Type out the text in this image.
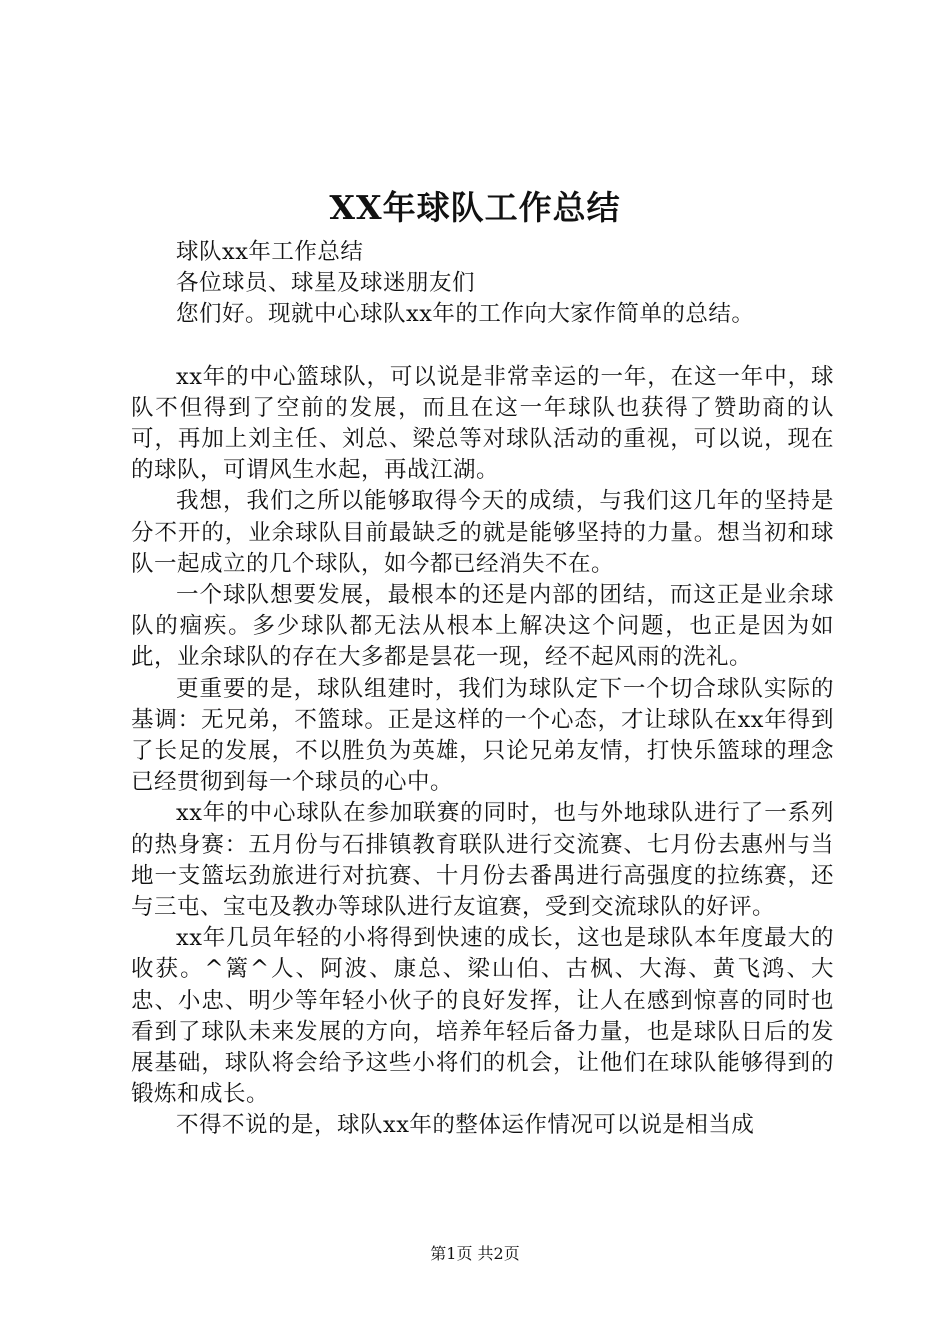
XX年球队工作总结

球队xx年工作总结

各位球员、球星及球迷朋友们

您们好。现就中心球队xx年的工作向大家作简单的总结。

xx年的中心篮球队，可以说是非常幸运的一年，在这一年中，球队不但得到了空前的发展，而且在这一年球队也获得了赞助商的认可，再加上刘主任、刘总、梁总等对球队活动的重视，可以说，现在的球队，可谓风生水起，再战江湖。

我想，我们之所以能够取得今天的成绩，与我们这几年的坚持是分不开的，业余球队目前最缺乏的就是能够坚持的力量。想当初和球队一起成立的几个球队，如今都已经消失不在。

一个球队想要发展，最根本的还是内部的团结，而这正是业余球队的痼疾。多少球队都无法从根本上解决这个问题，也正是因为如此，业余球队的存在大多都是昙花一现，经不起风雨的洗礼。

更重要的是，球队组建时，我们为球队定下一个切合球队实际的基调：无兄弟，不篮球。正是这样的一个心态，才让球队在xx年得到了长足的发展，不以胜负为英雄，只论兄弟友情，打快乐篮球的理念已经贯彻到每一个球员的心中。

xx年的中心球队在参加联赛的同时，也与外地球队进行了一系列的热身赛：五月份与石排镇教育联队进行交流赛、七月份去惠州与当地一支篮坛劲旅进行对抗赛、十月份去番禺进行高强度的拉练赛，还与三屯、宝屯及教办等球队进行友谊赛，受到交流球队的好评。

xx年几员年轻的小将得到快速的成长，这也是球队本年度最大的收获。^篱^人、阿波、康总、梁山伯、古枫、大海、黄飞鸿、大忠、小忠、明少等年轻小伙子的良好发挥，让人在感到惊喜的同时也看到了球队未来发展的方向，培养年轻后备力量，也是球队日后的发展基础，球队将会给予这些小将们的机会，让他们在球队能够得到的锻炼和成长。

不得不说的是，球队xx年的整体运作情况可以说是相当成

第1页 共2页
